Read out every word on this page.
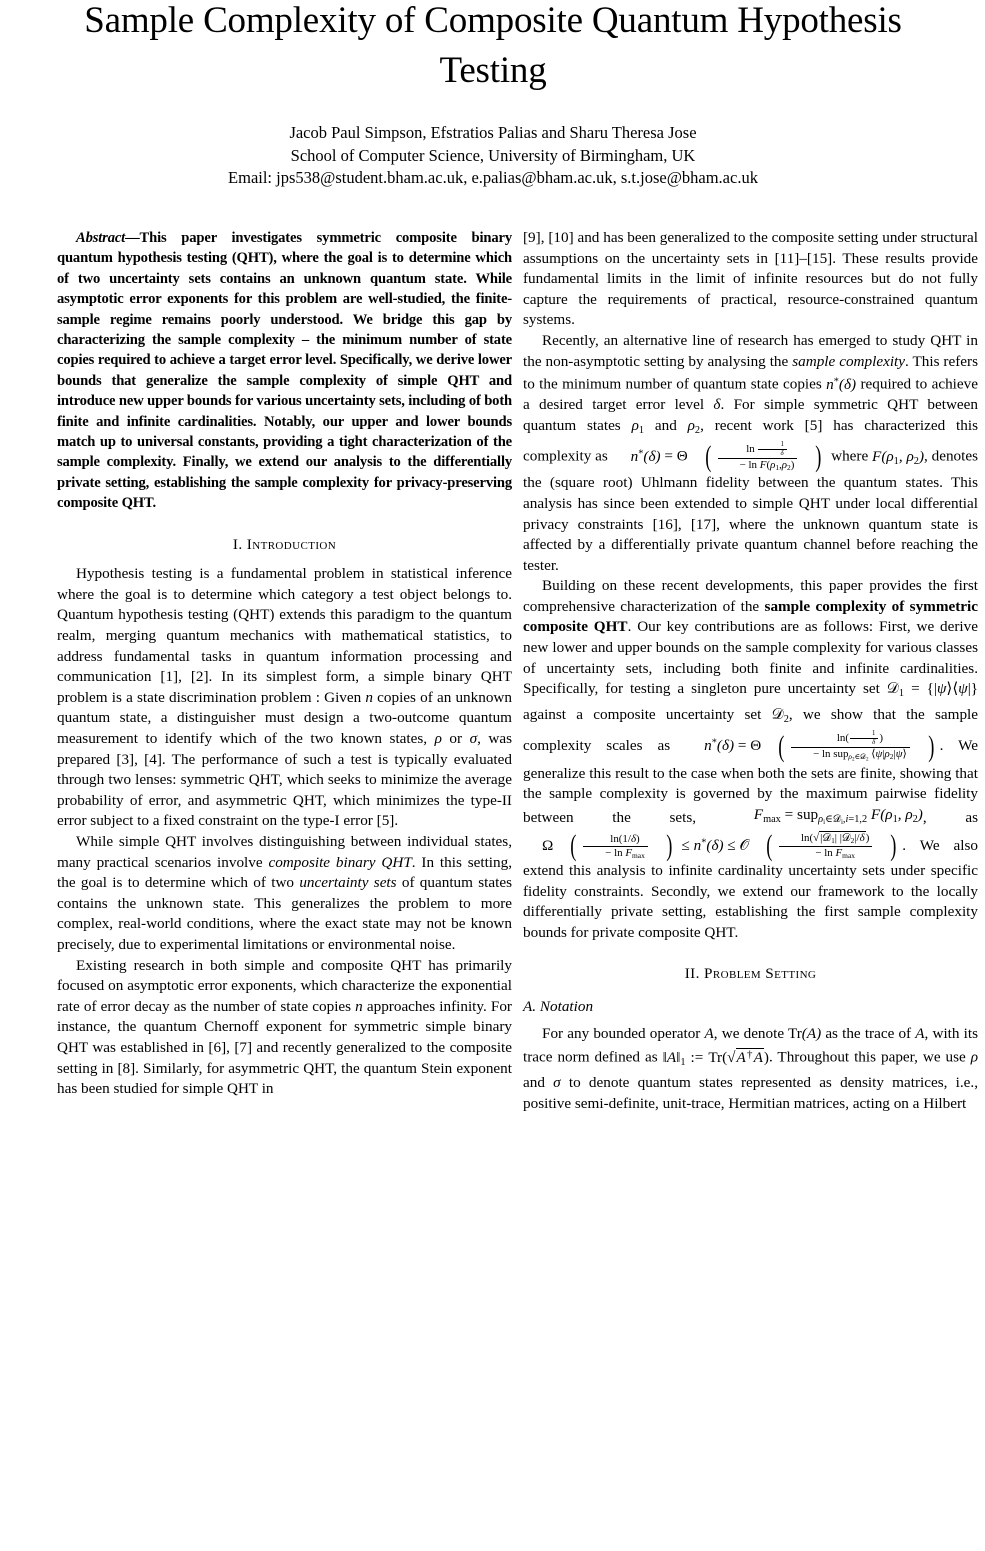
Sample Complexity of Composite Quantum Hypothesis Testing
Jacob Paul Simpson, Efstratios Palias and Sharu Theresa Jose
School of Computer Science, University of Birmingham, UK
Email: jps538@student.bham.ac.uk, e.palias@bham.ac.uk, s.t.jose@bham.ac.uk

Abstract—This paper investigates symmetric composite binary quantum hypothesis testing (QHT), where the goal is to determine which of two uncertainty sets contains an unknown quantum state. While asymptotic error exponents for this problem are well-studied, the finite-sample regime remains poorly understood. We bridge this gap by characterizing the sample complexity – the minimum number of state copies required to achieve a target error level. Specifically, we derive lower bounds that generalize the sample complexity of simple QHT and introduce new upper bounds for various uncertainty sets, including of both finite and infinite cardinalities. Notably, our upper and lower bounds match up to universal constants, providing a tight characterization of the sample complexity. Finally, we extend our analysis to the differentially private setting, establishing the sample complexity for privacy-preserving composite QHT.

I. Introduction

Hypothesis testing is a fundamental problem in statistical inference where the goal is to determine which category a test object belongs to. Quantum hypothesis testing (QHT) extends this paradigm to the quantum realm, merging quantum mechanics with mathematical statistics, to address fundamental tasks in quantum information processing and communication [1], [2]. In its simplest form, a simple binary QHT problem is a state discrimination problem : Given n copies of an unknown quantum state, a distinguisher must design a two-outcome quantum measurement to identify which of the two known states, ρ or σ, was prepared [3], [4]. The performance of such a test is typically evaluated through two lenses: symmetric QHT, which seeks to minimize the average probability of error, and asymmetric QHT, which minimizes the type-II error subject to a fixed constraint on the type-I error [5].

While simple QHT involves distinguishing between individual states, many practical scenarios involve composite binary QHT. In this setting, the goal is to determine which of two uncertainty sets of quantum states contains the unknown state. This generalizes the problem to more complex, real-world conditions, where the exact state may not be known precisely, due to experimental limitations or environmental noise.

Existing research in both simple and composite QHT has primarily focused on asymptotic error exponents, which characterize the exponential rate of error decay as the number of state copies n approaches infinity. For instance, the quantum Chernoff exponent for symmetric simple binary QHT was established in [6], [7] and recently generalized to the composite setting in [8]. Similarly, for asymmetric QHT, the quantum Stein exponent has been studied for simple QHT in

[9], [10] and has been generalized to the composite setting under structural assumptions on the uncertainty sets in [11]–[15]. These results provide fundamental limits in the limit of infinite resources but do not fully capture the requirements of practical, resource-constrained quantum systems.

Recently, an alternative line of research has emerged to study QHT in the non-asymptotic setting by analysing the sample complexity. This refers to the minimum number of quantum state copies n*(δ) required to achieve a desired target error level δ. For simple symmetric QHT between quantum states $\rho_1$ and $\rho_2$, recent work [5] has characterized this complexity as n*(δ) = Θ ( $\frac{\ln \frac{1}{\delta}}{- \ln F(\rho_1,\rho_2)}$ ) where $F(\rho_1$, $\rho_2$), denotes the (square root) Uhlmann fidelity between the quantum states. This analysis has since been extended to simple QHT under local differential privacy constraints [16], [17], where the unknown quantum state is affected by a differentially private quantum channel before reaching the tester.

Building on these recent developments, this paper provides the first comprehensive characterization of the sample complexity of symmetric composite QHT. Our key contributions are as follows: First, we derive new lower and upper bounds on the sample complexity for various classes of uncertainty sets, including both finite and infinite cardinalities. Specifically, for testing a singleton pure uncertainty set 𝒟$_1$ = {|ψ⟩⟨ψ|} against a composite uncertainty set 𝒟$_2$, we show that the sample complexity scales as n*(δ) = Θ ( $\frac{\ln( \frac{1}{\delta} )}{- \ln sup_{\rho_2\in 𝒟_2} ⟨\psi|\rho_2|\psi⟩}$ ) . We generalize this result to the case when both the sets are finite, showing that the sample complexity is governed by the maximum pairwise fidelity between the sets, $F_{max} = sup_{\rho_i\in 𝒟_i,i=1,2}$ $F(\rho_1$, $\rho_2$), as Ω ( $\frac{\ln(1/\delta)}{- \ln F_{max}}$ ) ≤ n*(δ) ≤ 𝒪 ( $\frac{\ln(√|𝒟_1| |𝒟_2|/\delta)}{- \ln F_{max}}$ ) . We also extend this analysis to infinite cardinality uncertainty sets under specific fidelity constraints. Secondly, we extend our framework to the locally differentially private setting, establishing the first sample complexity bounds for private composite QHT.

II. Problem Setting
A. Notation

For any bounded operator A, we denote Tr(A) as the trace of A, with its trace norm defined as $‖A‖_1$ := Tr(√A†A). Throughout this paper, we use ρ and σ to denote quantum states represented as density matrices, i.e., positive semi-definite, unit-trace, Hermitian matrices, acting on a Hilbert
